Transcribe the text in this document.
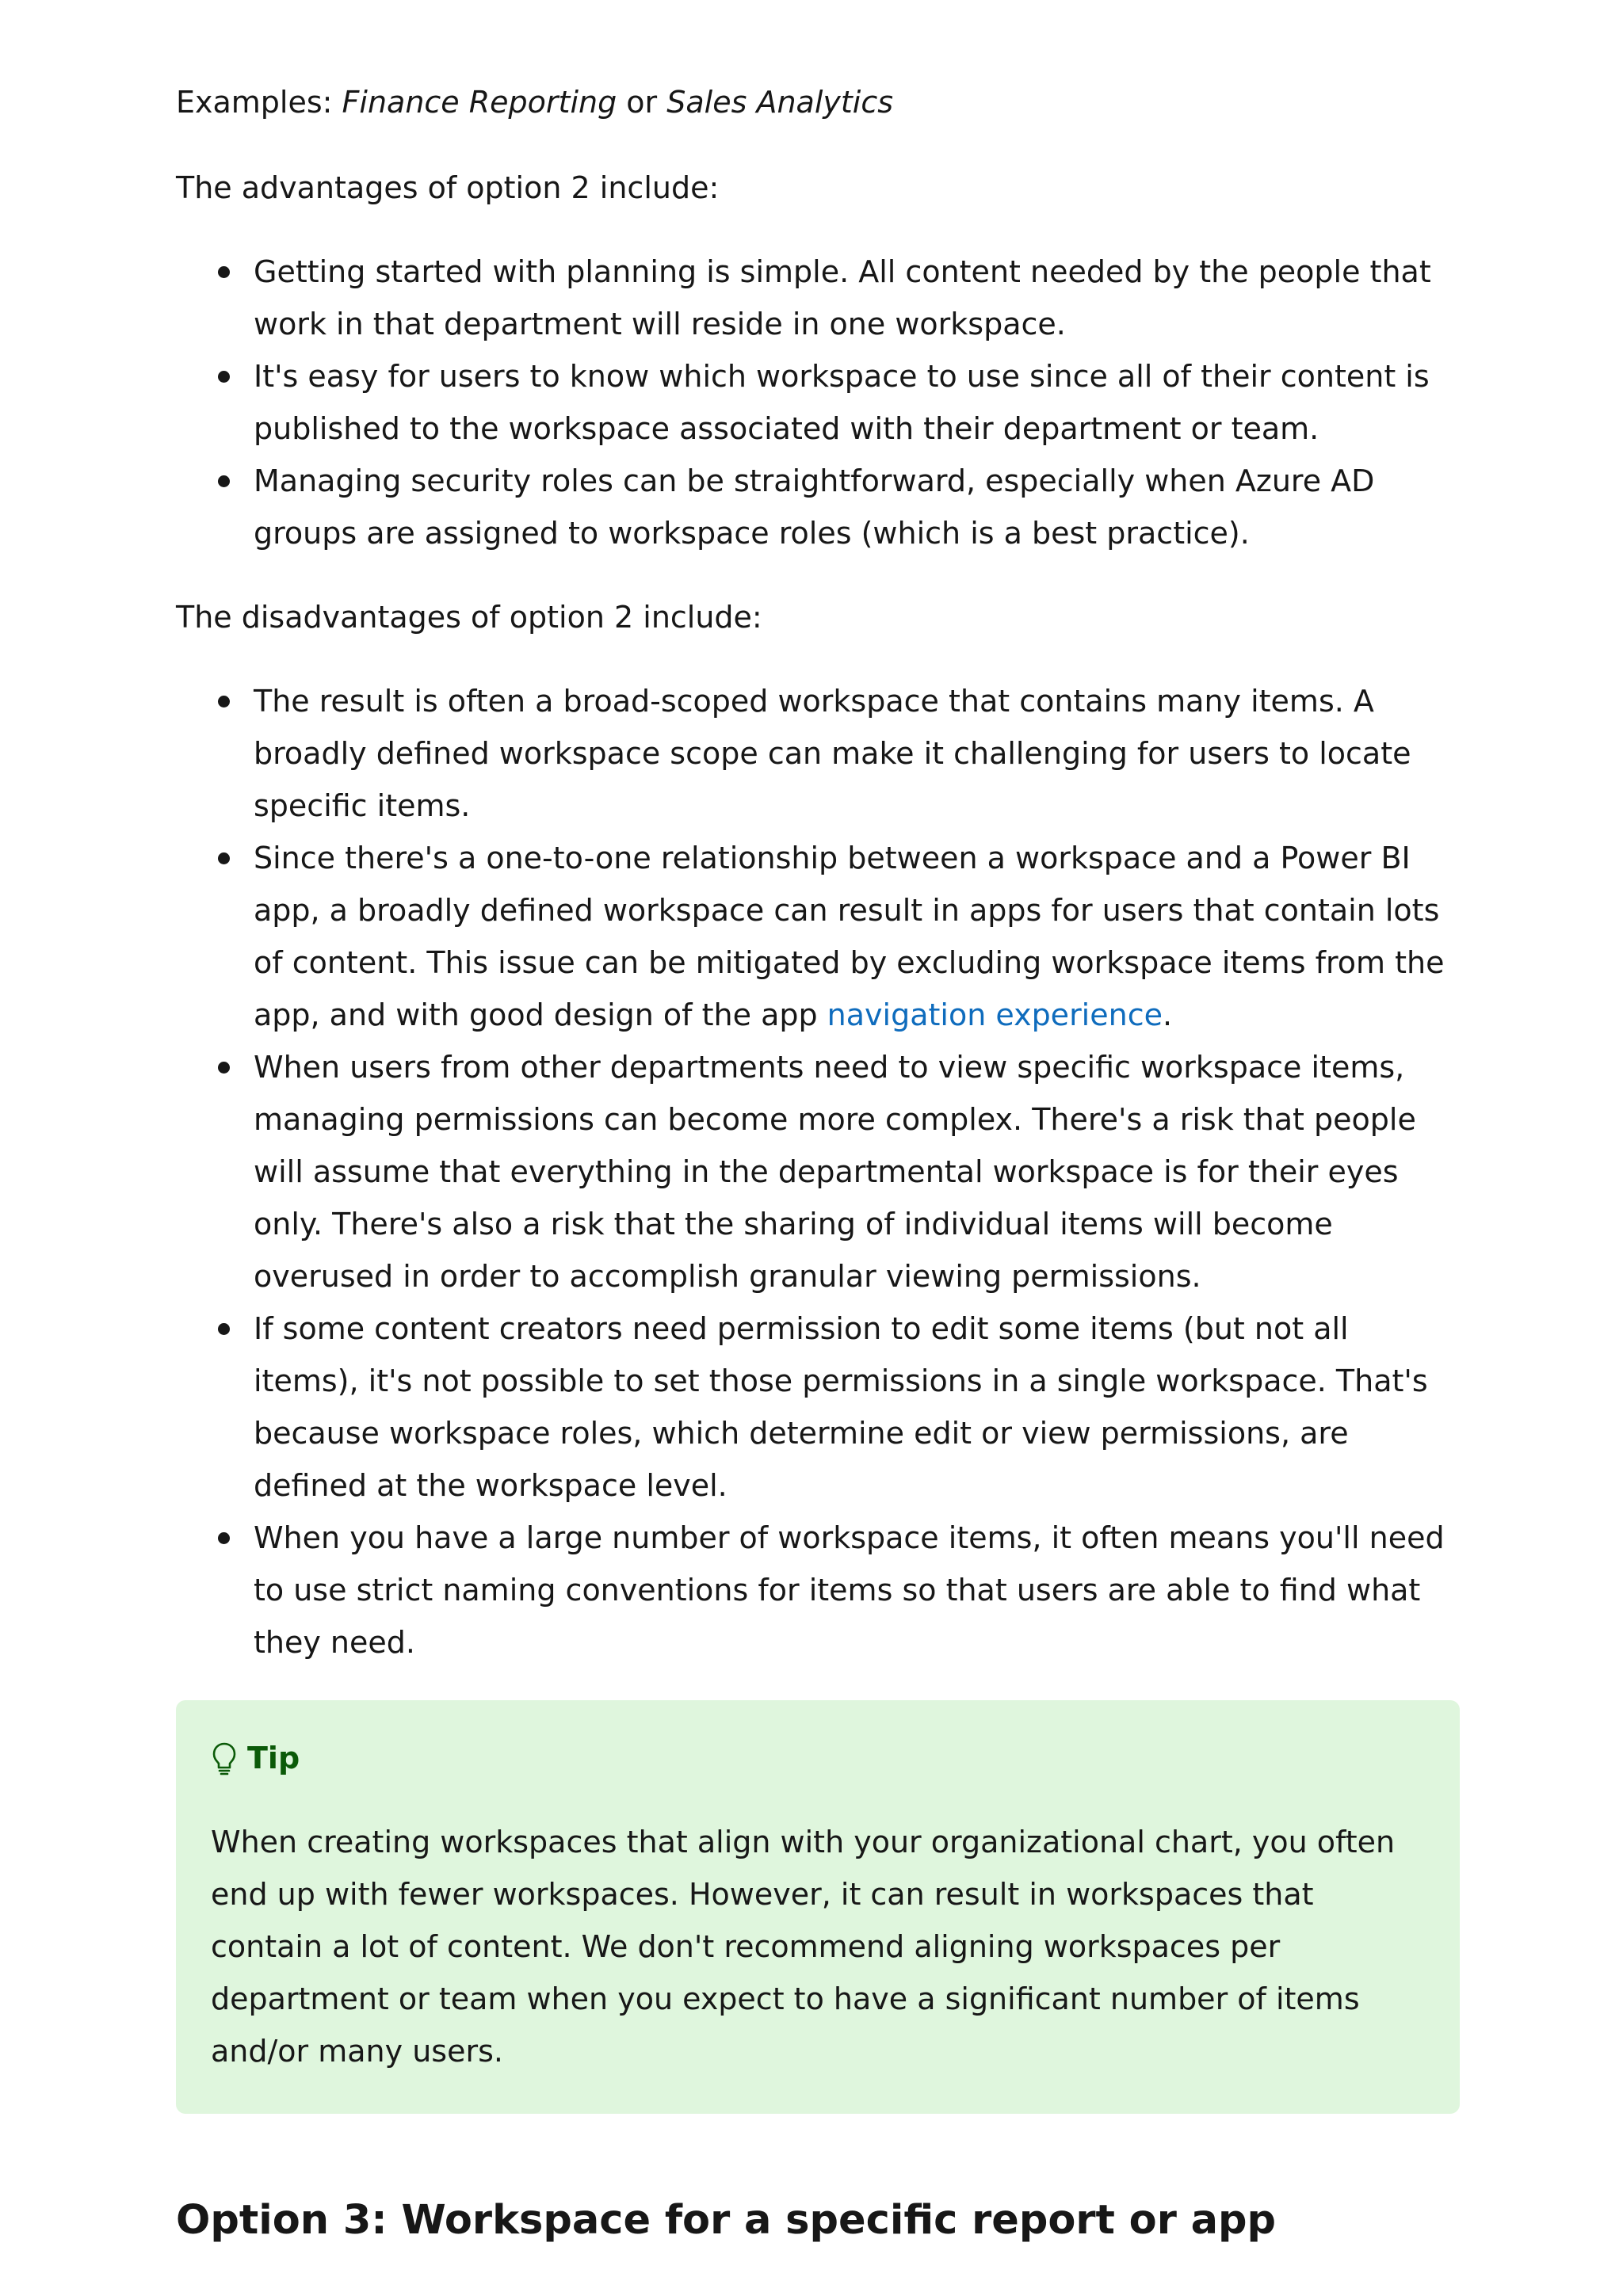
Examples: Finance Reporting or Sales Analytics

The advantages of option 2 include:

Getting started with planning is simple. All content needed by the people that work in that department will reside in one workspace.
It's easy for users to know which workspace to use since all of their content is published to the workspace associated with their department or team.
Managing security roles can be straightforward, especially when Azure AD groups are assigned to workspace roles (which is a best practice).

The disadvantages of option 2 include:

The result is often a broad-scoped workspace that contains many items. A broadly defined workspace scope can make it challenging for users to locate specific items.
Since there's a one-to-one relationship between a workspace and a Power BI app, a broadly defined workspace can result in apps for users that contain lots of content. This issue can be mitigated by excluding workspace items from the app, and with good design of the app navigation experience.
When users from other departments need to view specific workspace items, managing permissions can become more complex. There's a risk that people will assume that everything in the departmental workspace is for their eyes only. There's also a risk that the sharing of individual items will become overused in order to accomplish granular viewing permissions.
If some content creators need permission to edit some items (but not all items), it's not possible to set those permissions in a single workspace. That's because workspace roles, which determine edit or view permissions, are defined at the workspace level.
When you have a large number of workspace items, it often means you'll need to use strict naming conventions for items so that users are able to find what they need.
Tip

When creating workspaces that align with your organizational chart, you often end up with fewer workspaces. However, it can result in workspaces that contain a lot of content. We don't recommend aligning workspaces per department or team when you expect to have a significant number of items and/or many users.

Option 3: Workspace for a specific report or app
